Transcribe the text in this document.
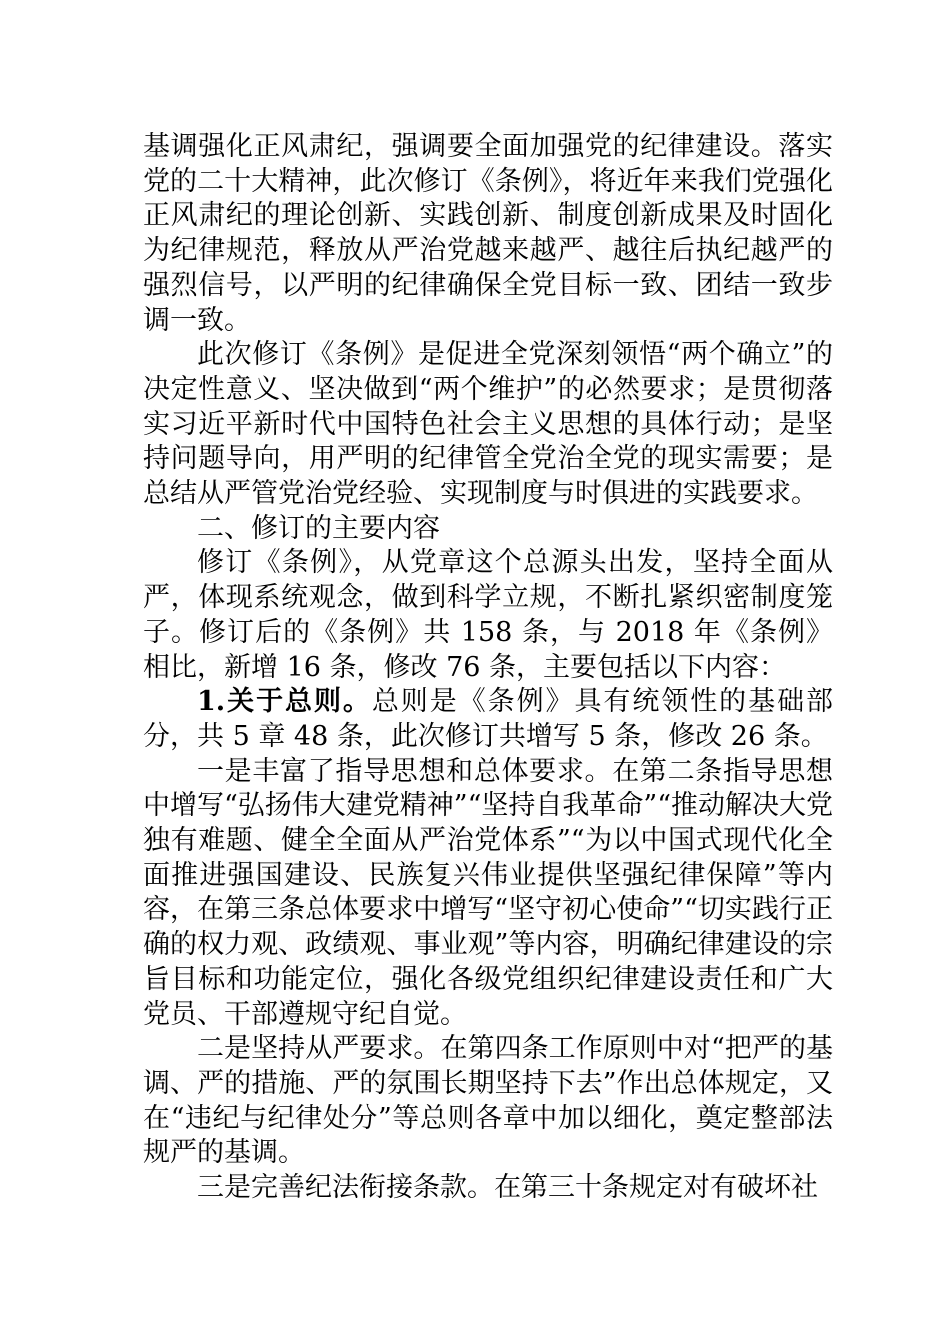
基调强化正风肃纪，强调要全面加强党的纪律建设。落实党的二十大精神，此次修订《条例》，将近年来我们党强化正风肃纪的理论创新、实践创新、制度创新成果及时固化为纪律规范，释放从严治党越来越严、越往后执纪越严的强烈信号，以严明的纪律确保全党目标一致、团结一致步调一致。

此次修订《条例》是促进全党深刻领悟“两个确立”的决定性意义、坚决做到“两个维护”的必然要求；是贯彻落实习近平新时代中国特色社会主义思想的具体行动；是坚持问题导向，用严明的纪律管全党治全党的现实需要；是总结从严管党治党经验、实现制度与时俱进的实践要求。

二、修订的主要内容

修订《条例》，从党章这个总源头出发，坚持全面从严，体现系统观念，做到科学立规，不断扎紧织密制度笼子。修订后的《条例》共 158 条，与 2018 年《条例》相比，新增 16 条，修改 76 条，主要包括以下内容：

1.关于总则。总则是《条例》具有统领性的基础部分，共 5 章 48 条，此次修订共增写 5 条，修改 26 条。

一是丰富了指导思想和总体要求。在第二条指导思想中增写“弘扬伟大建党精神”“坚持自我革命”“推动解决大党独有难题、健全全面从严治党体系”“为以中国式现代化全面推进强国建设、民族复兴伟业提供坚强纪律保障”等内容，在第三条总体要求中增写“坚守初心使命”“切实践行正确的权力观、政绩观、事业观”等内容，明确纪律建设的宗旨目标和功能定位，强化各级党组织纪律建设责任和广大党员、干部遵规守纪自觉。

二是坚持从严要求。在第四条工作原则中对“把严的基调、严的措施、严的氛围长期坚持下去”作出总体规定，又在“违纪与纪律处分”等总则各章中加以细化，奠定整部法规严的基调。

三是完善纪法衔接条款。在第三十条规定对有破坏社
